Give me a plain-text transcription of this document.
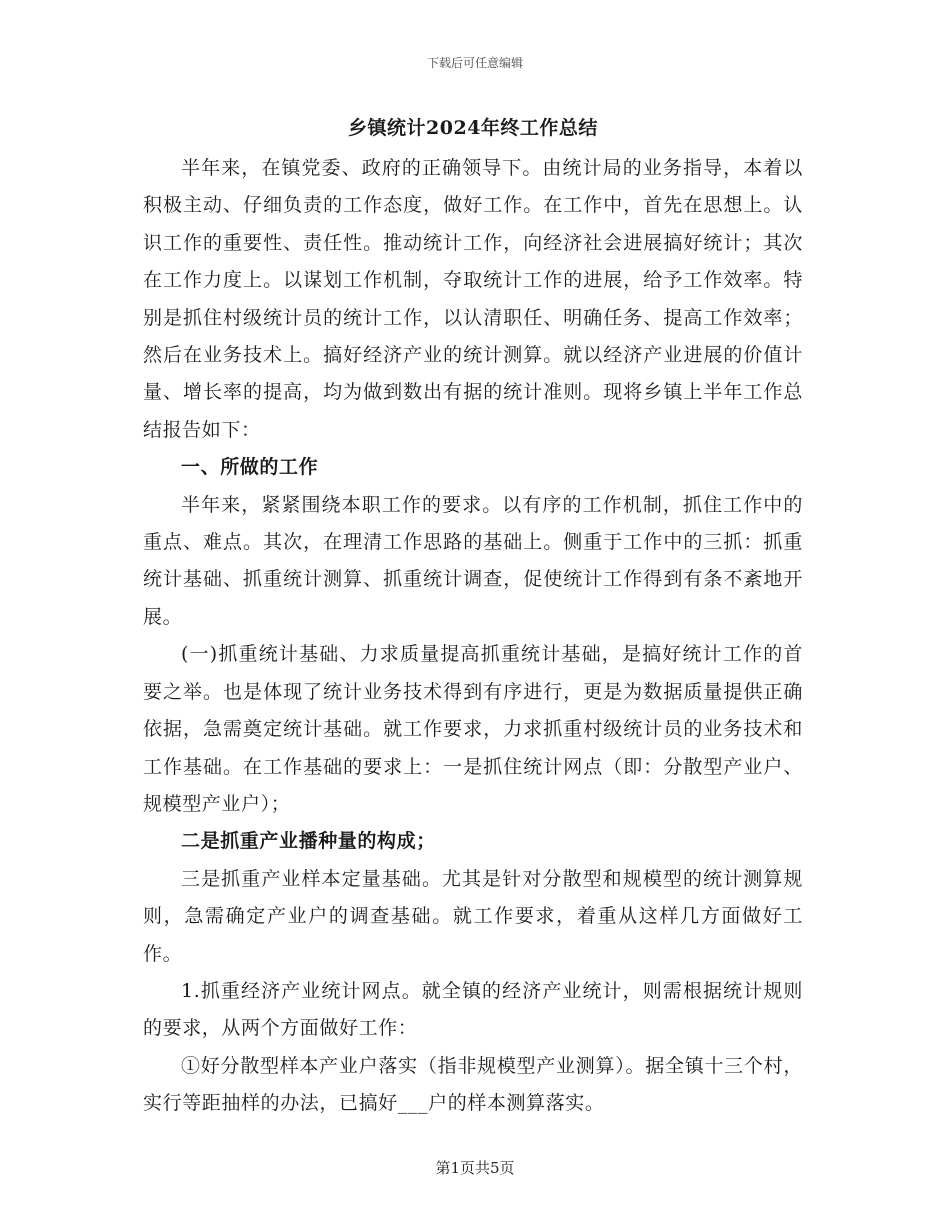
下载后可任意编辑
乡镇统计2024年终工作总结

半年来，在镇党委、政府的正确领导下。由统计局的业务指导，本着以积极主动、仔细负责的工作态度，做好工作。在工作中，首先在思想上。认识工作的重要性、责任性。推动统计工作，向经济社会进展搞好统计；其次在工作力度上。以谋划工作机制，夺取统计工作的进展，给予工作效率。特别是抓住村级统计员的统计工作，以认清职任、明确任务、提高工作效率；然后在业务技术上。搞好经济产业的统计测算。就以经济产业进展的价值计量、增长率的提高，均为做到数出有据的统计准则。现将乡镇上半年工作总结报告如下：

一、所做的工作

半年来，紧紧围绕本职工作的要求。以有序的工作机制，抓住工作中的重点、难点。其次，在理清工作思路的基础上。侧重于工作中的三抓：抓重统计基础、抓重统计测算、抓重统计调查，促使统计工作得到有条不紊地开展。

(一)抓重统计基础、力求质量提高抓重统计基础，是搞好统计工作的首要之举。也是体现了统计业务技术得到有序进行，更是为数据质量提供正确依据，急需奠定统计基础。就工作要求，力求抓重村级统计员的业务技术和工作基础。在工作基础的要求上：一是抓住统计网点（即：分散型产业户、规模型产业户）；

二是抓重产业播种量的构成；

三是抓重产业样本定量基础。尤其是针对分散型和规模型的统计测算规则，急需确定产业户的调查基础。就工作要求，着重从这样几方面做好工作。

1.抓重经济产业统计网点。就全镇的经济产业统计，则需根据统计规则的要求，从两个方面做好工作：

①好分散型样本产业户落实（指非规模型产业测算）。据全镇十三个村，实行等距抽样的办法，已搞好___户的样本测算落实。

第1页共5页
